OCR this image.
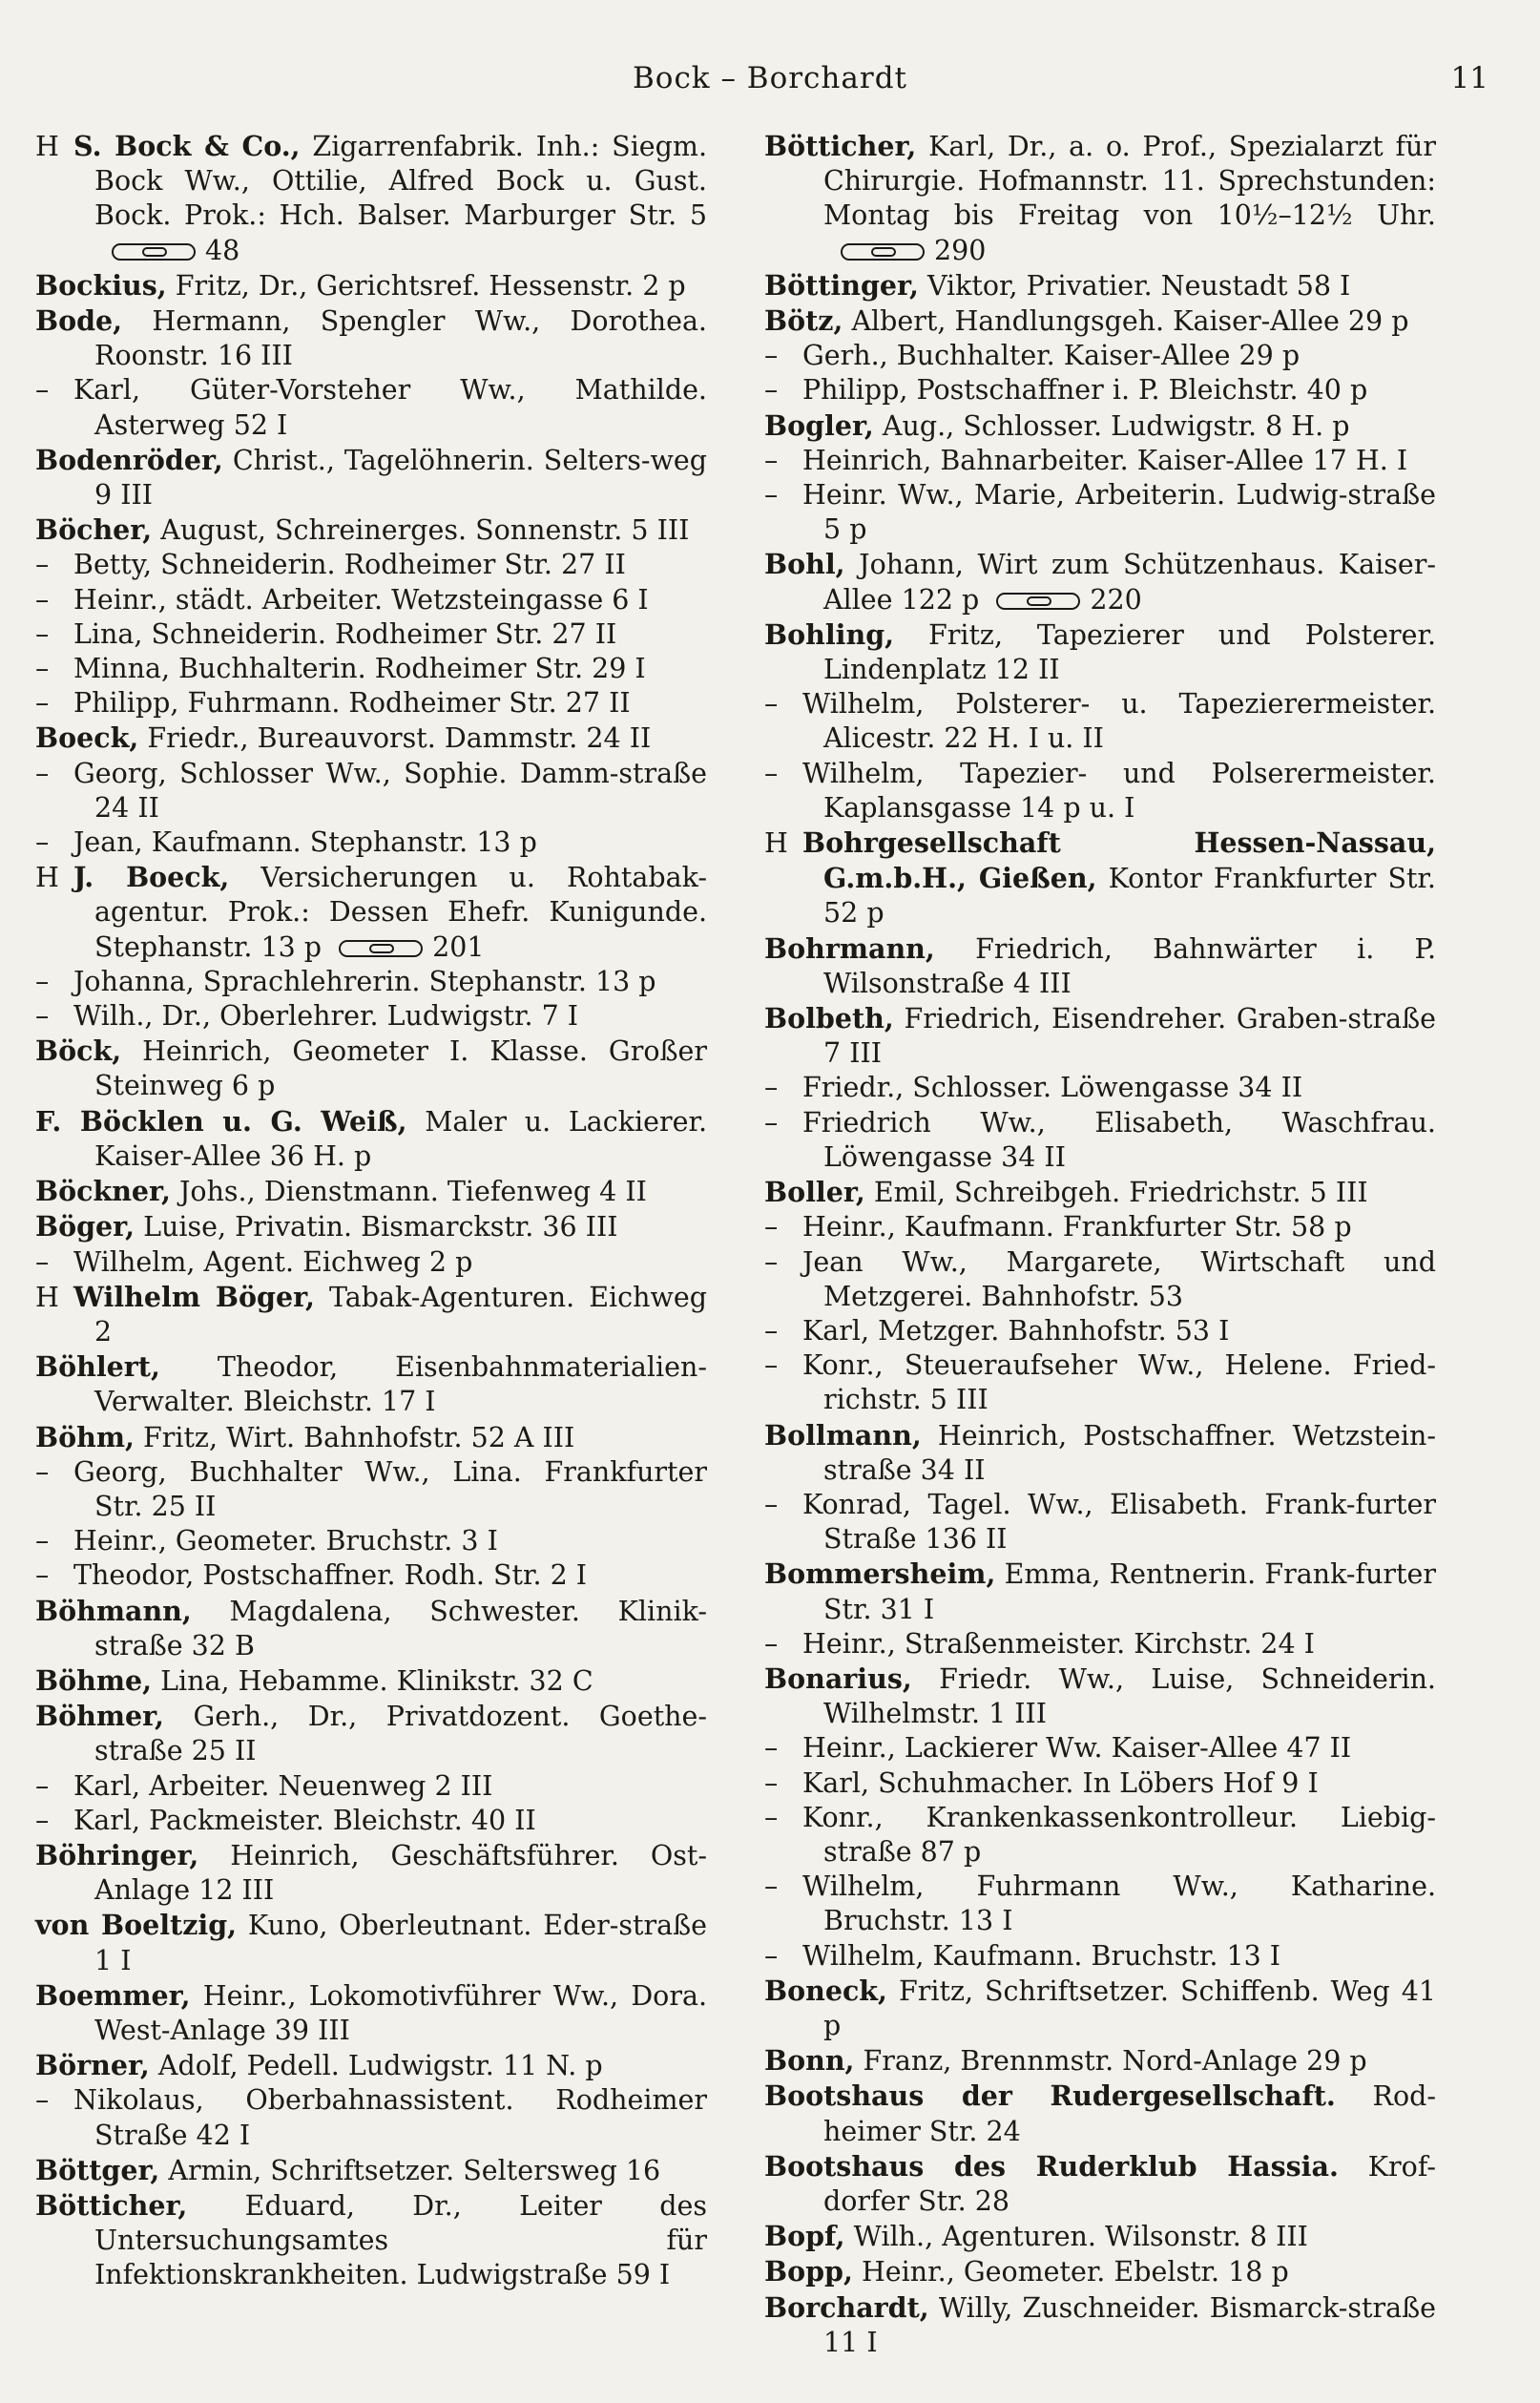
Bock – Borchardt	11
H S. Bock & Co., Zigarrenfabrik. Inh.: Siegm. Bock Ww., Ottilie, Alfred Bock u. Gust. Bock. Prok.: Hch. Balser. Marburger Str. 548
Bockius, Fritz, Dr., Gerichtsref. Hessenstr. 2 p
Bode, Hermann, Spengler Ww., Dorothea. Roonstr. 16 III
– Karl, Güter-Vorsteher Ww., Mathilde. Asterweg 52 I
Bodenröder, Christ., Tagelöhnerin. Selters-weg 9 III
Böcher, August, Schreinerges. Sonnenstr. 5 III
– Betty, Schneiderin. Rodheimer Str. 27 II
– Heinr., städt. Arbeiter. Wetzsteingasse 6 I
– Lina, Schneiderin. Rodheimer Str. 27 II
– Minna, Buchhalterin. Rodheimer Str. 29 I
– Philipp, Fuhrmann. Rodheimer Str. 27 II
Boeck, Friedr., Bureauvorst. Dammstr. 24 II
– Georg, Schlosser Ww., Sophie. Damm-straße 24 II
– Jean, Kaufmann. Stephanstr. 13 p
H J. Boeck, Versicherungen u. Rohtabak-agentur. Prok.: Dessen Ehefr. Kunigunde. Stephanstr. 13 p	201
– Johanna, Sprachlehrerin. Stephanstr. 13 p
– Wilh., Dr., Oberlehrer. Ludwigstr. 7 I
Böck, Heinrich, Geometer I. Klasse. Großer Steinweg 6 p
F. Böcklen u. G. Weiß, Maler u. Lackierer. Kaiser-Allee 36 H. p
Böckner, Johs., Dienstmann. Tiefenweg 4 II
Böger, Luise, Privatin. Bismarckstr. 36 III
– Wilhelm, Agent. Eichweg 2 p
H Wilhelm Böger, Tabak-Agenturen. Eichweg 2
Böhlert, Theodor, Eisenbahnmaterialien-Verwalter. Bleichstr. 17 I
Böhm, Fritz, Wirt. Bahnhofstr. 52 A III
– Georg, Buchhalter Ww., Lina. Frankfurter Str. 25 II
– Heinr., Geometer. Bruchstr. 3 I
– Theodor, Postschaffner. Rodh. Str. 2 I
Böhmann, Magdalena, Schwester. Klinik-straße 32 B
Böhme, Lina, Hebamme. Klinikstr. 32 C
Böhmer, Gerh., Dr., Privatdozent. Goethe-straße 25 II
– Karl, Arbeiter. Neuenweg 2 III
– Karl, Packmeister. Bleichstr. 40 II
Böhringer, Heinrich, Geschäftsführer. Ost-Anlage 12 III
von Boeltzig, Kuno, Oberleutnant. Eder-straße 1 I
Boemmer, Heinr., Lokomotivführer Ww., Dora. West-Anlage 39 III
Börner, Adolf, Pedell. Ludwigstr. 11 N. p
– Nikolaus, Oberbahnassistent. Rodheimer Straße 42 I
Böttger, Armin, Schriftsetzer. Seltersweg 16
Bötticher, Eduard, Dr., Leiter des Untersuchungsamtes für Infektionskrankheiten. Ludwigstraße 59 I
Bötticher, Karl, Dr., a. o. Prof., Spezialarzt für Chirurgie. Hofmannstr. 11. Sprechstunden: Montag bis Freitag von 10½–12½ Uhr.290
Böttinger, Viktor, Privatier. Neustadt 58 I
Bötz, Albert, Handlungsgeh. Kaiser-Allee 29 p
– Gerh., Buchhalter. Kaiser-Allee 29 p
– Philipp, Postschaffner i. P. Bleichstr. 40 p
Bogler, Aug., Schlosser. Ludwigstr. 8 H. p
– Heinrich, Bahnarbeiter. Kaiser-Allee 17 H. I
– Heinr. Ww., Marie, Arbeiterin. Ludwig-straße 5 p
Bohl, Johann, Wirt zum Schützenhaus. Kaiser-Allee 122 p	220
Bohling, Fritz, Tapezierer und Polsterer. Lindenplatz 12 II
– Wilhelm, Polsterer- u. Tapezierermeister. Alicestr. 22 H. I u. II
– Wilhelm, Tapezier- und Polserermeister. Kaplansgasse 14 p u. I
H Bohrgesellschaft Hessen-Nassau, G.m.b.H., Gießen, Kontor Frankfurter Str. 52 p
Bohrmann, Friedrich, Bahnwärter i. P. Wilsonstraße 4 III
Bolbeth, Friedrich, Eisendreher. Graben-straße 7 III
– Friedr., Schlosser. Löwengasse 34 II
– Friedrich Ww., Elisabeth, Waschfrau. Löwengasse 34 II
Boller, Emil, Schreibgeh. Friedrichstr. 5 III
– Heinr., Kaufmann. Frankfurter Str. 58 p
– Jean Ww., Margarete, Wirtschaft und Metzgerei. Bahnhofstr. 53
– Karl, Metzger. Bahnhofstr. 53 I
– Konr., Steueraufseher Ww., Helene. Fried-richstr. 5 III
Bollmann, Heinrich, Postschaffner. Wetzstein-straße 34 II
– Konrad, Tagel. Ww., Elisabeth. Frank-furter Straße 136 II
Bommersheim, Emma, Rentnerin. Frank-furter Str. 31 I
– Heinr., Straßenmeister. Kirchstr. 24 I
Bonarius, Friedr. Ww., Luise, Schneiderin. Wilhelmstr. 1 III
– Heinr., Lackierer Ww. Kaiser-Allee 47 II
– Karl, Schuhmacher. In Löbers Hof 9 I
– Konr., Krankenkassenkontrolleur. Liebig-straße 87 p
– Wilhelm, Fuhrmann Ww., Katharine. Bruchstr. 13 I
– Wilhelm, Kaufmann. Bruchstr. 13 I
Boneck, Fritz, Schriftsetzer. Schiffenb. Weg 41 p
Bonn, Franz, Brennmstr. Nord-Anlage 29 p
Bootshaus der Rudergesellschaft. Rod-heimer Str. 24
Bootshaus des Ruderklub Hassia. Krof-dorfer Str. 28
Bopf, Wilh., Agenturen. Wilsonstr. 8 III
Bopp, Heinr., Geometer. Ebelstr. 18 p
Borchardt, Willy, Zuschneider. Bismarck-straße 11 I
